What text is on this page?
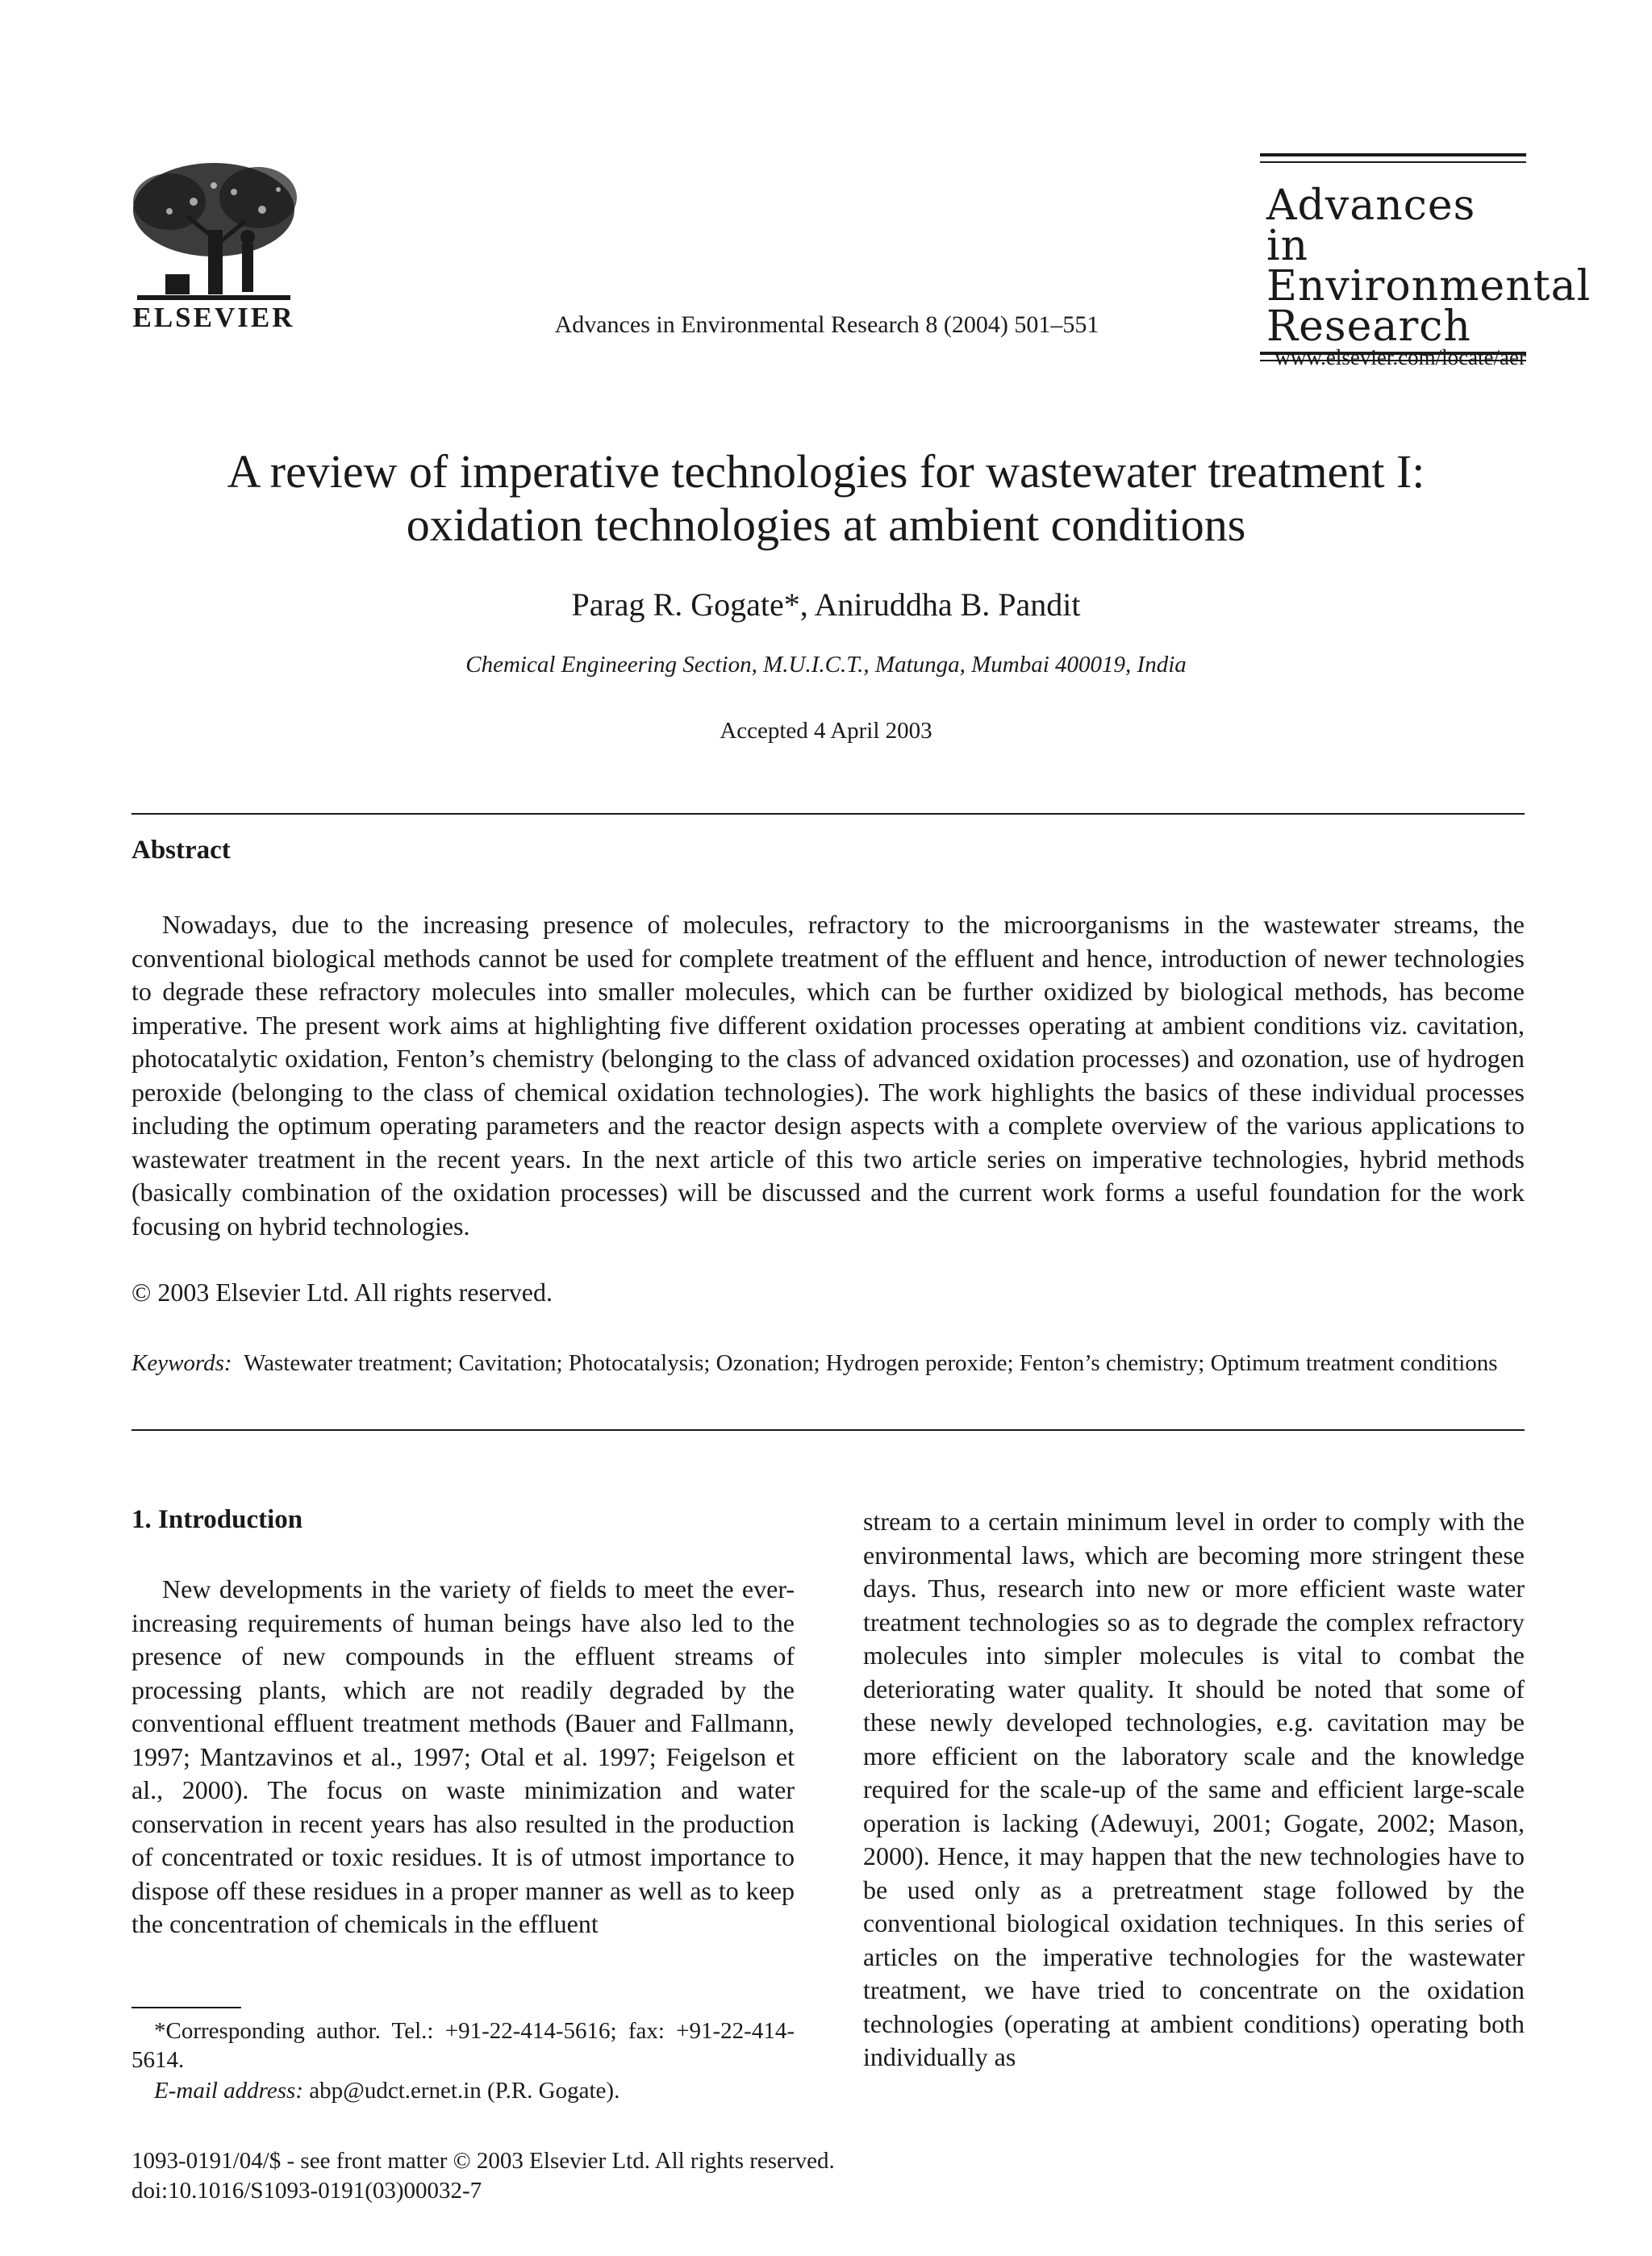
ELSEVIER	Advances in Environmental Research 8 (2004) 501–551
Advances in
Environmental
Research
www.elsevier.com/locate/aer
A review of imperative technologies for wastewater treatment I:
oxidation technologies at ambient conditions
Parag R. Gogate*, Aniruddha B. Pandit
Chemical Engineering Section, M.U.I.C.T., Matunga, Mumbai 400019, India
Accepted 4 April 2003
Abstract
Nowadays, due to the increasing presence of molecules, refractory to the microorganisms in the wastewater streams, the conventional biological methods cannot be used for complete treatment of the effluent and hence, introduction of newer technologies to degrade these refractory molecules into smaller molecules, which can be further oxidized by biological methods, has become imperative. The present work aims at highlighting five different oxidation processes operating at ambient conditions viz. cavitation, photocatalytic oxidation, Fenton’s chemistry (belonging to the class of advanced oxidation processes) and ozonation, use of hydrogen peroxide (belonging to the class of chemical oxidation technologies). The work highlights the basics of these individual processes including the optimum operating parameters and the reactor design aspects with a complete overview of the various applications to wastewater treatment in the recent years. In the next article of this two article series on imperative technologies, hybrid methods (basically combination of the oxidation processes) will be discussed and the current work forms a useful foundation for the work focusing on hybrid technologies.
© 2003 Elsevier Ltd. All rights reserved.
Keywords: Wastewater treatment; Cavitation; Photocatalysis; Ozonation; Hydrogen peroxide; Fenton’s chemistry; Optimum treatment conditions
1. Introduction
New developments in the variety of fields to meet the ever-increasing requirements of human beings have also led to the presence of new compounds in the effluent streams of processing plants, which are not readily degraded by the conventional effluent treatment methods (Bauer and Fallmann, 1997; Mantzavinos et al., 1997; Otal et al. 1997; Feigelson et al., 2000). The focus on waste minimization and water conservation in recent years has also resulted in the production of concentrated or toxic residues. It is of utmost importance to dispose off these residues in a proper manner as well as to keep the concentration of chemicals in the effluent
stream to a certain minimum level in order to comply with the environmental laws, which are becoming more stringent these days. Thus, research into new or more efficient waste water treatment technologies so as to degrade the complex refractory molecules into simpler molecules is vital to combat the deteriorating water quality. It should be noted that some of these newly developed technologies, e.g. cavitation may be more efficient on the laboratory scale and the knowledge required for the scale-up of the same and efficient large-scale operation is lacking (Adewuyi, 2001; Gogate, 2002; Mason, 2000). Hence, it may happen that the new technologies have to be used only as a pretreatment stage followed by the conventional biological oxidation techniques. In this series of articles on the imperative technologies for the wastewater treatment, we have tried to concentrate on the oxidation technologies (operating at ambient conditions) operating both individually as
*Corresponding author. Tel.: +91-22-414-5616; fax: +91-22-414-5614.
E-mail address: abp@udct.ernet.in (P.R. Gogate).
1093-0191/04/$ - see front matter © 2003 Elsevier Ltd. All rights reserved.
doi:10.1016/S1093-0191(03)00032-7
